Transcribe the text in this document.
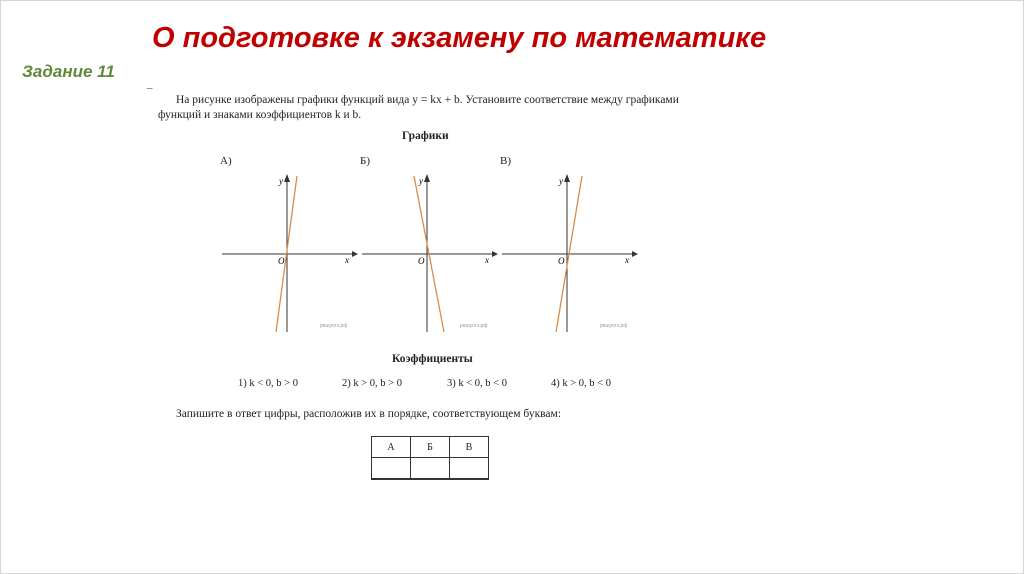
О подготовке к экзамену по математике
Задание 11
–
На рисунке изображены графики функций вида y = kx + b. Установите соответствие между графиками функций и знаками коэффициентов k и b.
Графики
А)	Б)	В)
x
y
O
решуогэ.рф
x
y
O
решуогэ.рф
x
y
O
решуогэ.рф
Коэффициенты
1) k < 0, b > 0	2) k > 0, b > 0	3) k < 0, b < 0	4) k > 0, b < 0
Запишите в ответ цифры, расположив их в порядке, соответствующем буквам:
А	Б	В
